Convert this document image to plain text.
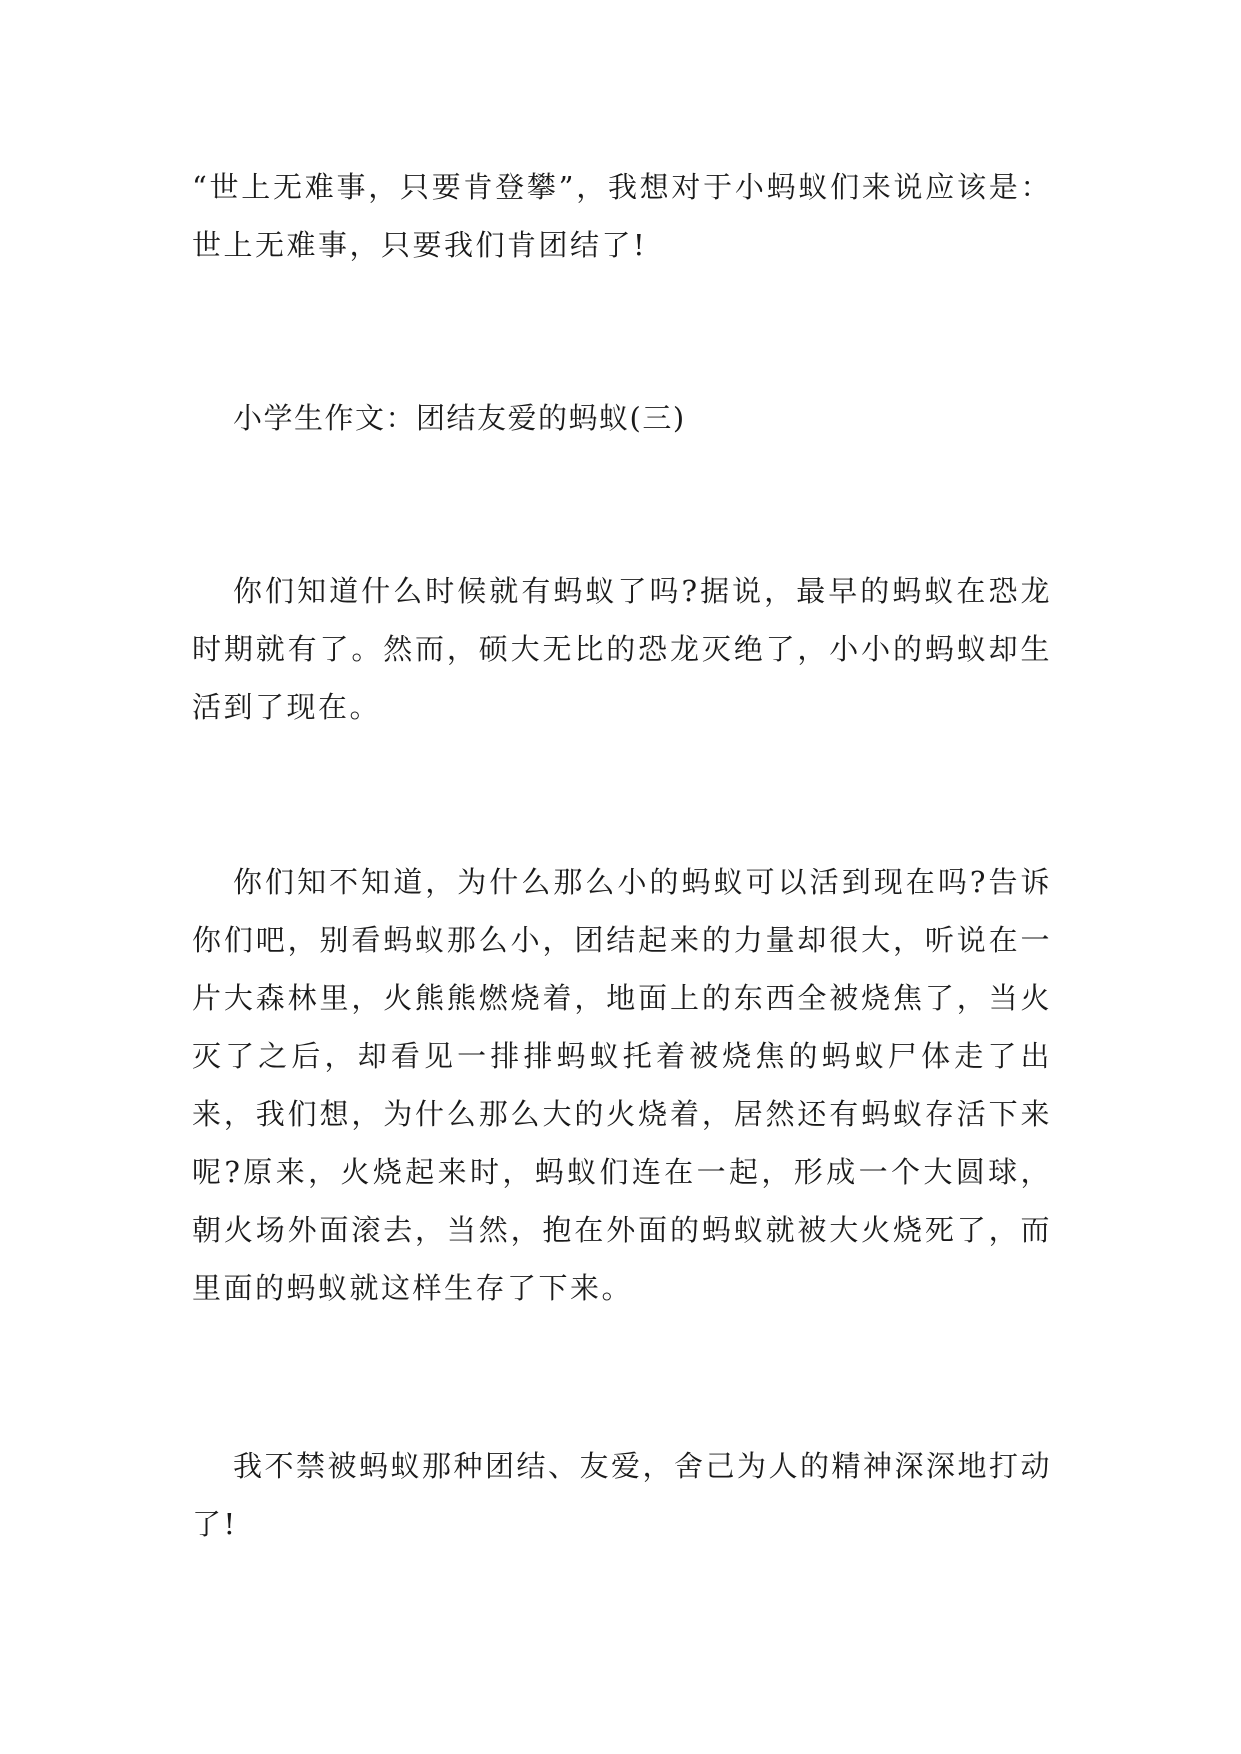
“世上无难事，只要肯登攀”，我想对于小蚂蚁们来说应该是：世上无难事，只要我们肯团结了!
小学生作文：团结友爱的蚂蚁(三)
你们知道什么时候就有蚂蚁了吗?据说，最早的蚂蚁在恐龙时期就有了。然而，硕大无比的恐龙灭绝了，小小的蚂蚁却生活到了现在。
你们知不知道，为什么那么小的蚂蚁可以活到现在吗?告诉你们吧，别看蚂蚁那么小，团结起来的力量却很大，听说在一片大森林里，火熊熊燃烧着，地面上的东西全被烧焦了，当火灭了之后，却看见一排排蚂蚁托着被烧焦的蚂蚁尸体走了出来，我们想，为什么那么大的火烧着，居然还有蚂蚁存活下来呢?原来，火烧起来时，蚂蚁们连在一起，形成一个大圆球，朝火场外面滚去，当然，抱在外面的蚂蚁就被大火烧死了，而里面的蚂蚁就这样生存了下来。
我不禁被蚂蚁那种团结、友爱，舍己为人的精神深深地打动了!
